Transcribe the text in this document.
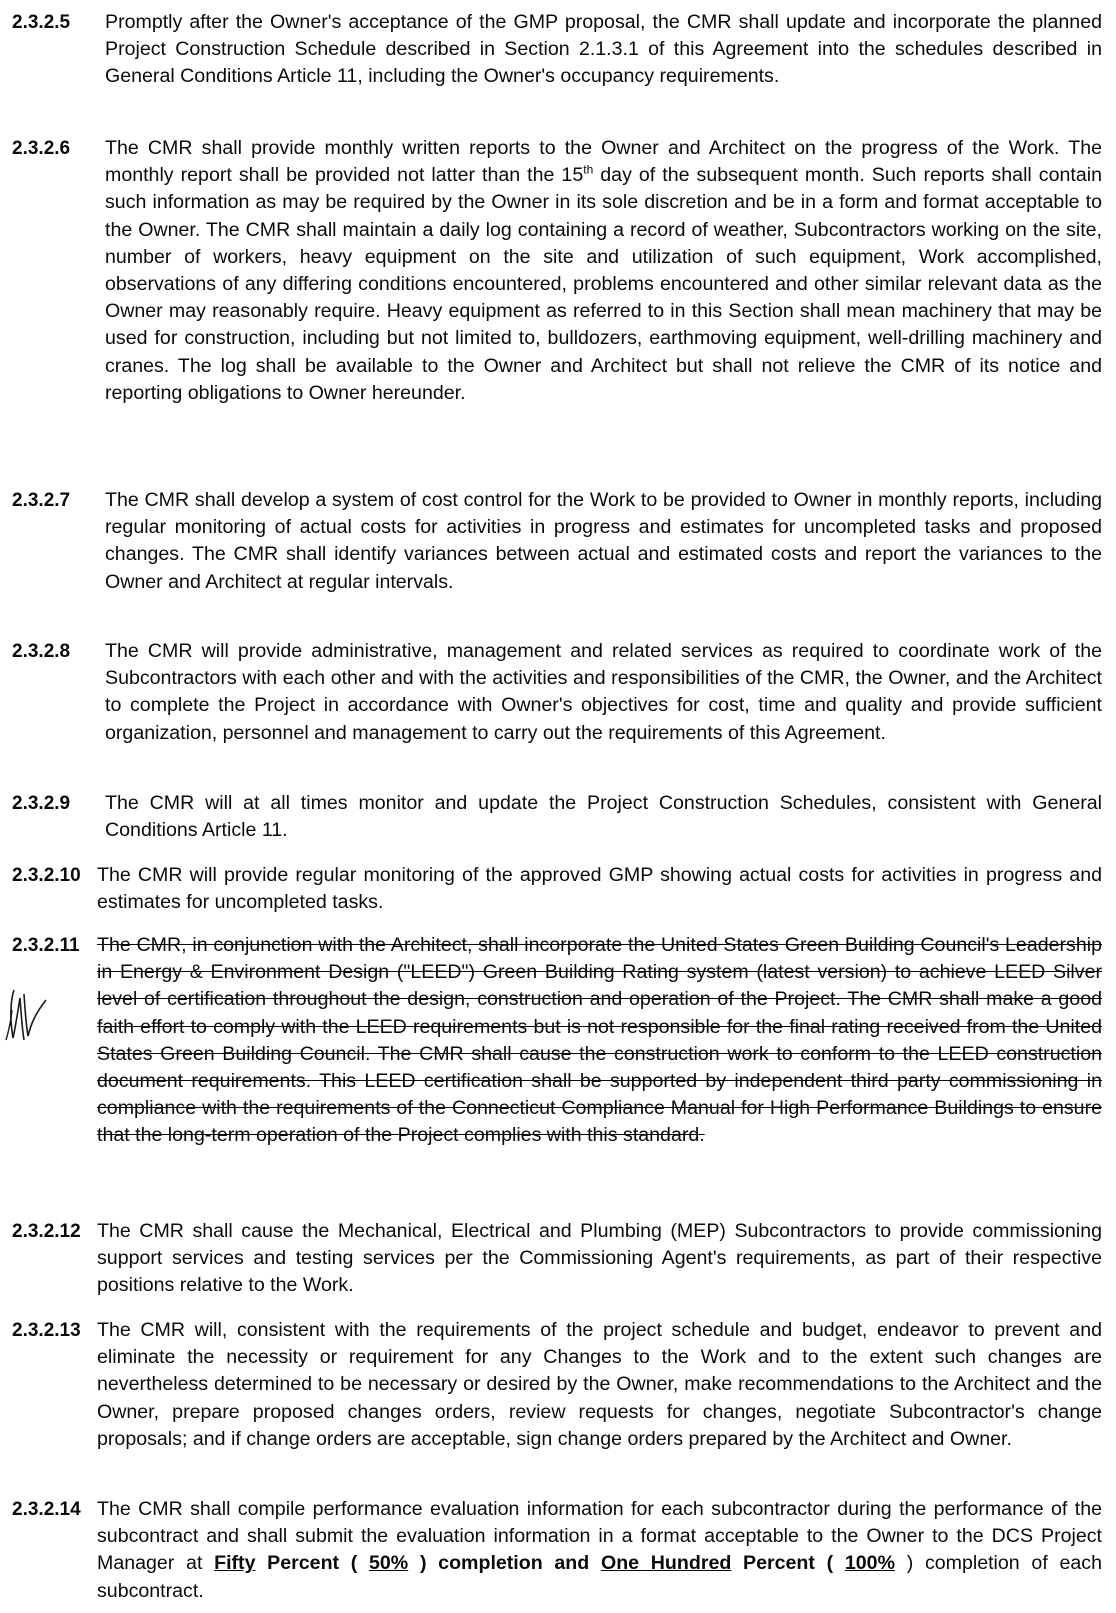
2.3.2.5 Promptly after the Owner's acceptance of the GMP proposal, the CMR shall update and incorporate the planned Project Construction Schedule described in Section 2.1.3.1 of this Agreement into the schedules described in General Conditions Article 11, including the Owner's occupancy requirements.
2.3.2.6 The CMR shall provide monthly written reports to the Owner and Architect on the progress of the Work. The monthly report shall be provided not latter than the 15th day of the subsequent month. Such reports shall contain such information as may be required by the Owner in its sole discretion and be in a form and format acceptable to the Owner. The CMR shall maintain a daily log containing a record of weather, Subcontractors working on the site, number of workers, heavy equipment on the site and utilization of such equipment, Work accomplished, observations of any differing conditions encountered, problems encountered and other similar relevant data as the Owner may reasonably require. Heavy equipment as referred to in this Section shall mean machinery that may be used for construction, including but not limited to, bulldozers, earthmoving equipment, well-drilling machinery and cranes. The log shall be available to the Owner and Architect but shall not relieve the CMR of its notice and reporting obligations to Owner hereunder.
2.3.2.7 The CMR shall develop a system of cost control for the Work to be provided to Owner in monthly reports, including regular monitoring of actual costs for activities in progress and estimates for uncompleted tasks and proposed changes. The CMR shall identify variances between actual and estimated costs and report the variances to the Owner and Architect at regular intervals.
2.3.2.8 The CMR will provide administrative, management and related services as required to coordinate work of the Subcontractors with each other and with the activities and responsibilities of the CMR, the Owner, and the Architect to complete the Project in accordance with Owner's objectives for cost, time and quality and provide sufficient organization, personnel and management to carry out the requirements of this Agreement.
2.3.2.9 The CMR will at all times monitor and update the Project Construction Schedules, consistent with General Conditions Article 11.
2.3.2.10 The CMR will provide regular monitoring of the approved GMP showing actual costs for activities in progress and estimates for uncompleted tasks.
2.3.2.11 The CMR, in conjunction with the Architect, shall incorporate the United States Green Building Council's Leadership in Energy & Environment Design ("LEED") Green Building Rating system (latest version) to achieve LEED Silver level of certification throughout the design, construction and operation of the Project. The CMR shall make a good faith effort to comply with the LEED requirements but is not responsible for the final rating received from the United States Green Building Council. The CMR shall cause the construction work to conform to the LEED construction document requirements. This LEED certification shall be supported by independent third party commissioning in compliance with the requirements of the Connecticut Compliance Manual for High Performance Buildings to ensure that the long-term operation of the Project complies with this standard.
2.3.2.12 The CMR shall cause the Mechanical, Electrical and Plumbing (MEP) Subcontractors to provide commissioning support services and testing services per the Commissioning Agent's requirements, as part of their respective positions relative to the Work.
2.3.2.13 The CMR will, consistent with the requirements of the project schedule and budget, endeavor to prevent and eliminate the necessity or requirement for any Changes to the Work and to the extent such changes are nevertheless determined to be necessary or desired by the Owner, make recommendations to the Architect and the Owner, prepare proposed changes orders, review requests for changes, negotiate Subcontractor's change proposals; and if change orders are acceptable, sign change orders prepared by the Architect and Owner.
2.3.2.14 The CMR shall compile performance evaluation information for each subcontractor during the performance of the subcontract and shall submit the evaluation information in a format acceptable to the Owner to the DCS Project Manager at Fifty Percent ( 50% ) completion and One Hundred Percent ( 100% ) completion of each subcontract.
